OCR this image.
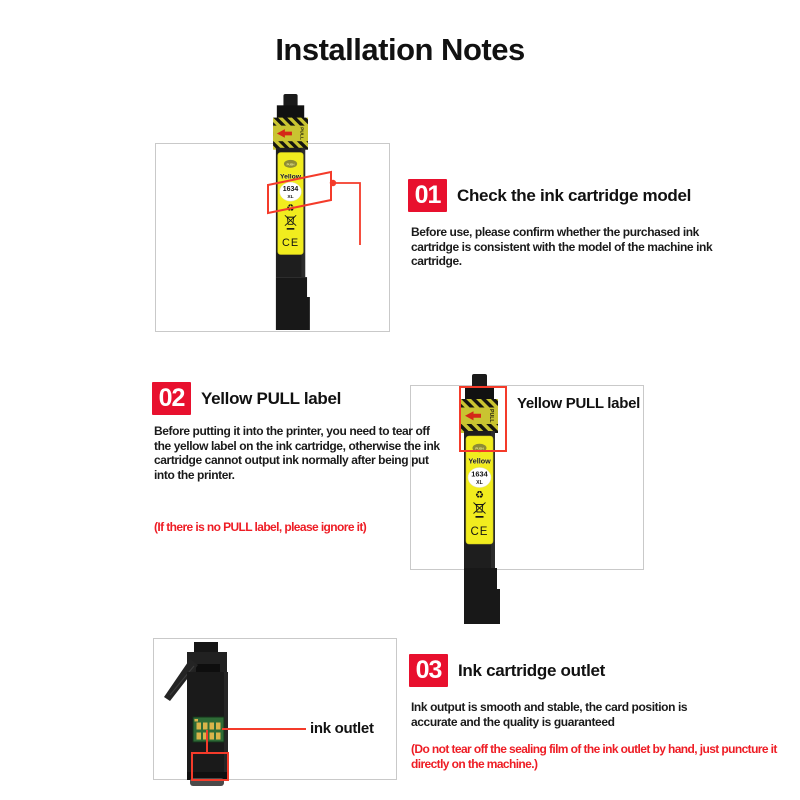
Installation Notes
PULL
PUSH
Yellow
1634
XL
♻
CE
01 Check the ink cartridge model
Before use, please confirm whether the purchased ink cartridge is consistent with the model of the machine ink cartridge.
02 Yellow PULL label
Before putting it into the printer, you need to tear off the yellow label on the ink cartridge, otherwise the ink cartridge cannot output ink normally after being put into the printer.
(If there is no PULL label, please ignore it)
PULL
PUSH
Yellow
1634
XL
♻
CE
Yellow PULL label
ink outlet
03 Ink cartridge outlet
Ink output is smooth and stable, the card position is accurate and the quality is guaranteed
(Do not tear off the sealing film of the ink outlet by hand, just puncture it directly on the machine.)
